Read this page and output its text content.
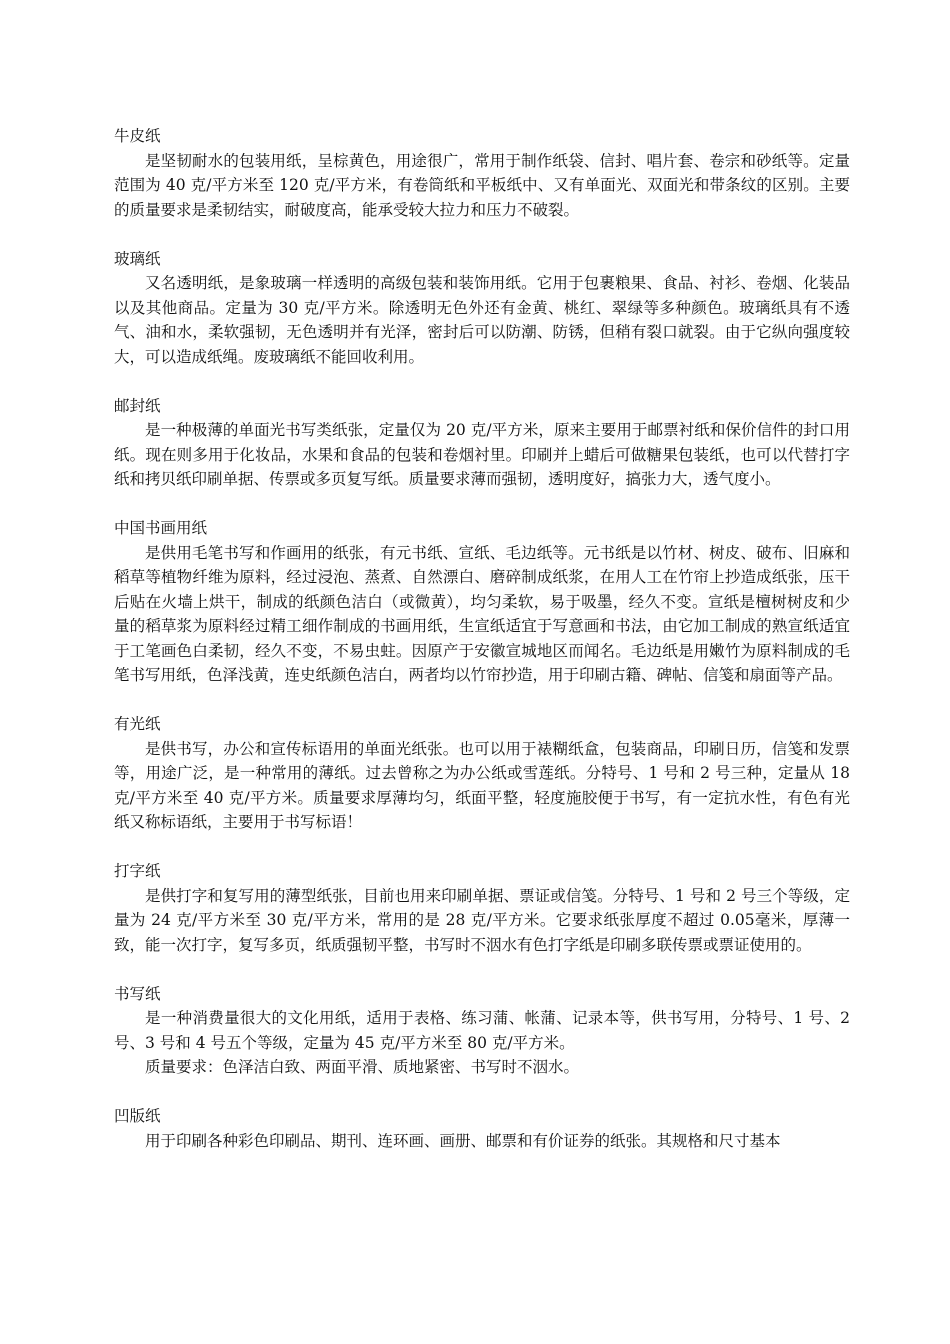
牛皮纸

是坚韧耐水的包装用纸，呈棕黄色，用途很广，常用于制作纸袋、信封、唱片套、卷宗和砂纸等。定量范围为 40 克/平方米至 120 克/平方米，有卷筒纸和平板纸中、又有单面光、双面光和带条纹的区别。主要的质量要求是柔韧结实，耐破度高，能承受较大拉力和压力不破裂。

玻璃纸

又名透明纸，是象玻璃一样透明的高级包装和装饰用纸。它用于包裹粮果、食品、衬衫、卷烟、化装品以及其他商品。定量为 30 克/平方米。除透明无色外还有金黄、桃红、翠绿等多种颜色。玻璃纸具有不透气、油和水，柔软强韧，无色透明并有光泽，密封后可以防潮、防锈，但稍有裂口就裂。由于它纵向强度较大，可以造成纸绳。废玻璃纸不能回收利用。

邮封纸

是一种极薄的单面光书写类纸张，定量仅为 20 克/平方米，原来主要用于邮票衬纸和保价信件的封口用纸。现在则多用于化妆品，水果和食品的包装和卷烟衬里。印刷并上蜡后可做糖果包装纸，也可以代替打字纸和拷贝纸印刷单据、传票或多页复写纸。质量要求薄而强韧，透明度好，搞张力大，透气度小。

中国书画用纸

是供用毛笔书写和作画用的纸张，有元书纸、宣纸、毛边纸等。元书纸是以竹材、树皮、破布、旧麻和稻草等植物纤维为原料，经过浸泡、蒸煮、自然漂白、磨碎制成纸浆，在用人工在竹帘上抄造成纸张，压干后贴在火墙上烘干，制成的纸颜色洁白（或微黄），均匀柔软，易于吸墨，经久不变。宣纸是檀树树皮和少量的稻草浆为原料经过精工细作制成的书画用纸，生宣纸适宜于写意画和书法，由它加工制成的熟宣纸适宜于工笔画色白柔韧，经久不变，不易虫蛀。因原产于安徽宣城地区而闻名。毛边纸是用嫩竹为原料制成的毛笔书写用纸，色泽浅黄，连史纸颜色洁白，两者均以竹帘抄造，用于印刷古籍、碑帖、信笺和扇面等产品。

有光纸

是供书写，办公和宣传标语用的单面光纸张。也可以用于裱糊纸盒，包装商品，印刷日历，信笺和发票等，用途广泛，是一种常用的薄纸。过去曾称之为办公纸或雪莲纸。分特号、1 号和 2 号三种，定量从 18 克/平方米至 40 克/平方米。质量要求厚薄均匀，纸面平整，轻度施胶便于书写，有一定抗水性，有色有光纸又称标语纸，主要用于书写标语！

打字纸

是供打字和复写用的薄型纸张，目前也用来印刷单据、票证或信笺。分特号、1 号和 2 号三个等级，定量为 24 克/平方米至 30 克/平方米，常用的是 28 克/平方米。它要求纸张厚度不超过 0.05毫米，厚薄一致，能一次打字，复写多页，纸质强韧平整，书写时不洇水有色打字纸是印刷多联传票或票证使用的。

书写纸

是一种消费量很大的文化用纸，适用于表格、练习蒲、帐蒲、记录本等，供书写用，分特号、1 号、2 号、3 号和 4 号五个等级，定量为 45 克/平方米至 80 克/平方米。

质量要求：色泽洁白致、两面平滑、质地紧密、书写时不洇水。

凹版纸

用于印刷各种彩色印刷品、期刊、连环画、画册、邮票和有价证券的纸张。其规格和尺寸基本
